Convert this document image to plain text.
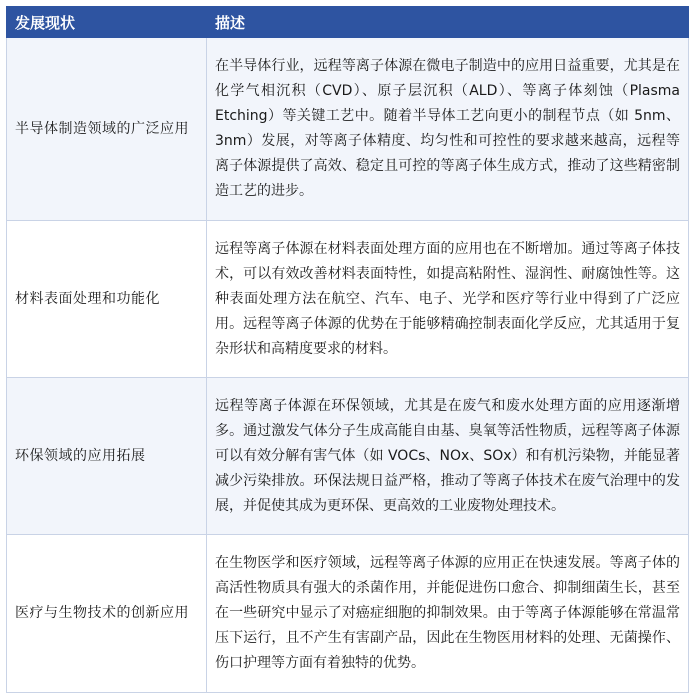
发展现状	描述
半导体制造领域的广泛应用	在半导体行业，远程等离子体源在微电子制造中的应用日益重要，尤其是在化学气相沉积（CVD）、原子层沉积（ALD）、等离子体刻蚀（Plasma Etching）等关键工艺中。随着半导体工艺向更小的制程节点（如 5nm、3nm）发展，对等离子体精度、均匀性和可控性的要求越来越高，远程等离子体源提供了高效、稳定且可控的等离子体生成方式，推动了这些精密制造工艺的进步。
材料表面处理和功能化	远程等离子体源在材料表面处理方面的应用也在不断增加。通过等离子体技术，可以有效改善材料表面特性，如提高粘附性、湿润性、耐腐蚀性等。这种表面处理方法在航空、汽车、电子、光学和医疗等行业中得到了广泛应用。远程等离子体源的优势在于能够精确控制表面化学反应，尤其适用于复杂形状和高精度要求的材料。
环保领域的应用拓展	远程等离子体源在环保领域，尤其是在废气和废水处理方面的应用逐渐增多。通过激发气体分子生成高能自由基、臭氧等活性物质，远程等离子体源可以有效分解有害气体（如 VOCs、NOx、SOx）和有机污染物，并能显著减少污染排放。环保法规日益严格，推动了等离子体技术在废气治理中的发展，并促使其成为更环保、更高效的工业废物处理技术。
医疗与生物技术的创新应用	在生物医学和医疗领域，远程等离子体源的应用正在快速发展。等离子体的高活性物质具有强大的杀菌作用，并能促进伤口愈合、抑制细菌生长，甚至在一些研究中显示了对癌症细胞的抑制效果。由于等离子体源能够在常温常压下运行，且不产生有害副产品，因此在生物医用材料的处理、无菌操作、伤口护理等方面有着独特的优势。
